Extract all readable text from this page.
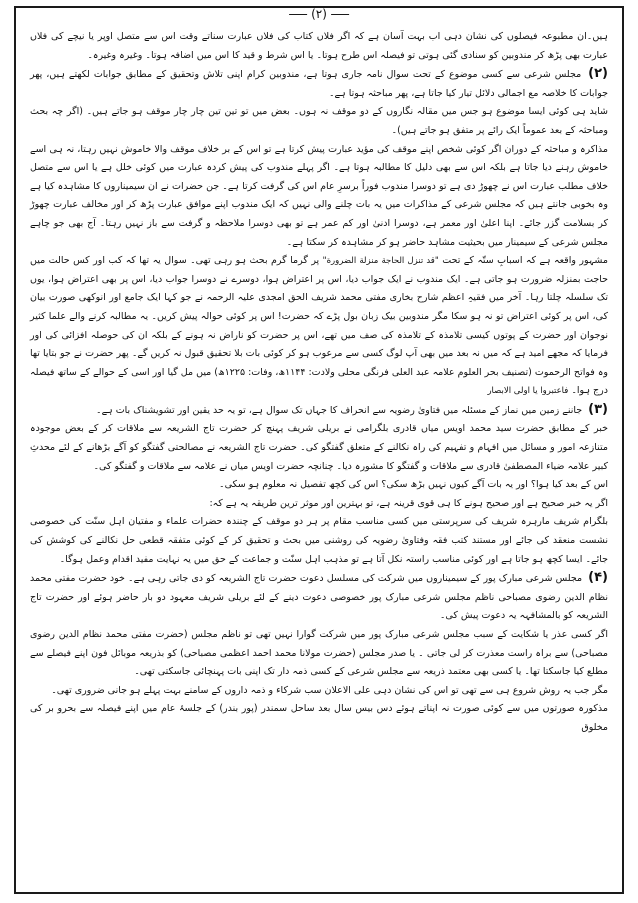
(۲)

ہیں۔ان مطبوعہ فیصلوں کی نشان دہی اب بہت آسان ہے کہ اگر فلاں کتاب کی فلاں عبارت سناتے وقت اس سے متصل اوپر یا نیچے کی فلاں عبارت بھی پڑھ کر مندوبین کو سنادی گئی ہوتی تو فیصلہ اس طرح ہوتا۔ یا اس شرط و قید کا اس میں اضافہ ہوتا۔ وغیرہ وغیرہ۔

(۲) مجلس شرعی سے کسی موضوع کے تحت سوال نامہ جاری ہوتا ہے، مندوبین کرام اپنی تلاش وتحقیق کے مطابق جوابات لکھتے ہیں، پھر جوابات کا خلاصہ مع اجمالی دلائل تیار کیا جاتا ہے، پھر مباحثہ ہوتا ہے۔

شاید ہی کوئی ایسا موضوع ہو جس میں مقالہ نگاروں کے دو موقف نہ ہوں۔ بعض میں تو تین تین چار چار موقف ہو جاتے ہیں۔ (اگر چہ بحث ومباحثہ کے بعد عموماً ایک رائے پر متفق ہو جاتے ہیں)۔

مذاکرہ و مباحثہ کے دوران اگر کوئی شخص اپنے موقف کی مؤید عبارت پیش کرتا ہے تو اس کے بر خلاف موقف والا خاموش نہیں رہتا، نہ ہی اسے خاموش رہنے دیا جاتا ہے بلکہ اس سے بھی دلیل کا مطالبہ ہوتا ہے۔ اگر پہلے مندوب کی پیش کردہ عبارت میں کوئی خلل ہے یا اس سے متصل خلاف مطلب عبارت اس نے چھوڑ دی ہے تو دوسرا مندوب فوراً برسرِ عام اس کی گرفت کرتا ہے۔ جن حضرات نے ان سیمیناروں کا مشاہدہ کیا ہے وہ بخوبی جانتے ہیں کہ مجلس شرعی کے مذاکرات میں یہ بات چلنے والی نہیں کہ ایک مندوب اپنے موافق عبارت پڑھ کر اور مخالف عبارت چھوڑ کر بسلامت گزر جائے۔ اپنا اعلیٰ اور معمر ہے، دوسرا ادنیٰ اور کم عمر ہے تو بھی دوسرا ملاحظہ و گرفت سے باز نہیں رہتا۔ آج بھی جو چاہے مجلس شرعی کے سیمینار میں بحیثیت مشاہد حاضر ہو کر مشاہدہ کر سکتا ہے۔

مشہور واقعہ ہے کہ اسبابِ ستّہ کے تحت "قد تنزل الحاجة منزلة الضرورة" پر گرما گرم بحث ہو رہی تھی۔ سوال یہ تھا کہ کب اور کس حالت میں حاجت بمنزلہ ضرورت ہو جاتی ہے۔ ایک مندوب نے ایک جواب دیا، اس پر اعتراض ہوا، دوسرے نے دوسرا جواب دیا، اس پر بھی اعتراض ہوا، یوں تک سلسلہ چلتا رہا۔ آخر میں فقیہِ اعظم شارح بخاری مفتی محمد شریف الحق امجدی علیہ الرحمہ نے جو کہا ایک جامع اور انوکھی صورت بیان کی، اس پر کوئی اعتراض تو نہ ہو سکا مگر مندوبین بیک زبان بول پڑے کہ حضرت! اس پر کوئی حوالہ پیش کریں۔ یہ مطالبہ کرنے والے علما کثیر نوجوان اور حضرت کے پوتوں کیسی تلامذہ کے تلامذہ کی صف میں تھے، اس پر حضرت کو ناراض نہ ہونے کے بلکہ ان کی حوصلہ افزائی کی اور فرمایا کہ مجھے امید ہے کہ میں نہ بعد میں بھی آپ لوگ کسی سے مرعوب ہو کر کوئی بات بلا تحقیق قبول نہ کریں گے۔ پھر حضرت نے جو بتایا تھا وہ فواتح الرحموت (تصنیف بحر العلوم علامہ عبد العلی فرنگی محلی ولادت: ۱۱۴۴ھ، وفات: ۱۲۲۵ھ) میں مل گیا اور اسی کے حوالے کے ساتھ فیصلہ درج ہوا۔ فاعتبروا یا اولی الابصار

(۳) جاننے زمین میں نماز کے مسئلہ میں فتاویٰ رضویہ سے انحراف کا جہاں تک سوال ہے، تو یہ حد یقین اور تشویشناک بات ہے۔

خبر کے مطابق حضرت سید محمد اویس میاں قادری بلگرامی نے بریلی شریف پہنچ کر حضرت تاج الشریعہ سے ملاقات کر کے بعض موجودہ متنازعہ امور و مسائل میں افہام و تفہیم کی راہ نکالنے کے متعلق گفتگو کی۔ حضرت تاج الشریعہ نے مصالحتی گفتگو کو آگے بڑھانے کے لئے محدثِ کبیر علامہ ضیاء المصطفیٰ قادری سے ملاقات و گفتگو کا مشورہ دیا۔ چنانچہ حضرت اویس میاں نے علامہ سے ملاقات و گفتگو کی۔

اس کے بعد کیا ہوا؟ اور یہ بات آگے کیوں نہیں بڑھ سکی؟ اس کی کچھ تفصیل نہ معلوم ہو سکی۔

اگر یہ خبر صحیح ہے اور صحیح ہونے کا ہی قوی قرینہ ہے، تو بہترین اور موثر ترین طریقہ یہ ہے کہ:

بلگرام شریف مارہرہ شریف کی سرپرستی میں کسی مناسب مقام پر ہر دو موقف کے چنندہ حضرات علماء و مفتیان اہل سنّت کی خصوصی نشست منعقد کی جائے اور مستند کتب فقہ وفتاویٰ رضویہ کی روشنی میں بحث و تحقیق کر کے کوئی متفقہ قطعی حل نکالنے کی کوشش کی جائے۔ ایسا کچھ ہو جاتا ہے اور کوئی مناسب راستہ نکل آتا ہے تو مذہب اہل سنّت و جماعت کے حق میں یہ نہایت مفید اقدام وعمل ہوگا۔

(۴) مجلس شرعی مبارک پور کے سیمیناروں میں شرکت کی مسلسل دعوت حضرت تاج الشریعہ کو دی جاتی رہی ہے۔ خود حضرت مفتی محمد نظام الدین رضوی مصباحی ناظم مجلس شرعی مبارک پور خصوصی دعوت دینے کے لئے بریلی شریف معہود دو بار حاضر ہوئے اور حضرت تاج الشریعہ کو بالمشافہہ یہ دعوت پیش کی۔

اگر کسی عذر یا شکایت کے سبب مجلس شرعی مبارک پور میں شرکت گوارا نہیں تھی تو ناظم مجلس (حضرت مفتی محمد نظام الدین رضوی مصباحی) سے براہ راست معذرت کر لی جاتی ۔ یا صدر مجلس (حضرت مولانا محمد احمد اعظمی مصباحی) کو بذریعہ موبائل فون اپنے فیصلے سے مطلع کیا جاسکتا تھا۔ یا کسی بھی معتمد ذریعہ سے مجلس شرعی کے کسی ذمہ دار تک اپنی بات پہنچائی جاسکتی تھی۔

مگر جب یہ روش شروع ہی سے تھی تو اس کی نشان دہی علی الاعلان سب شرکاء و ذمہ داروں کے سامنے بہت پہلے ہو جانی ضروری تھی۔

مذکورہ صورتوں میں سے کوئی صورت نہ اپناتے ہوئے دس بیس سال بعد ساحل سمندر (پور بندر) کے جلسۂ عام میں اپنے فیصلہ سے بحرو بر کی مخلوق
